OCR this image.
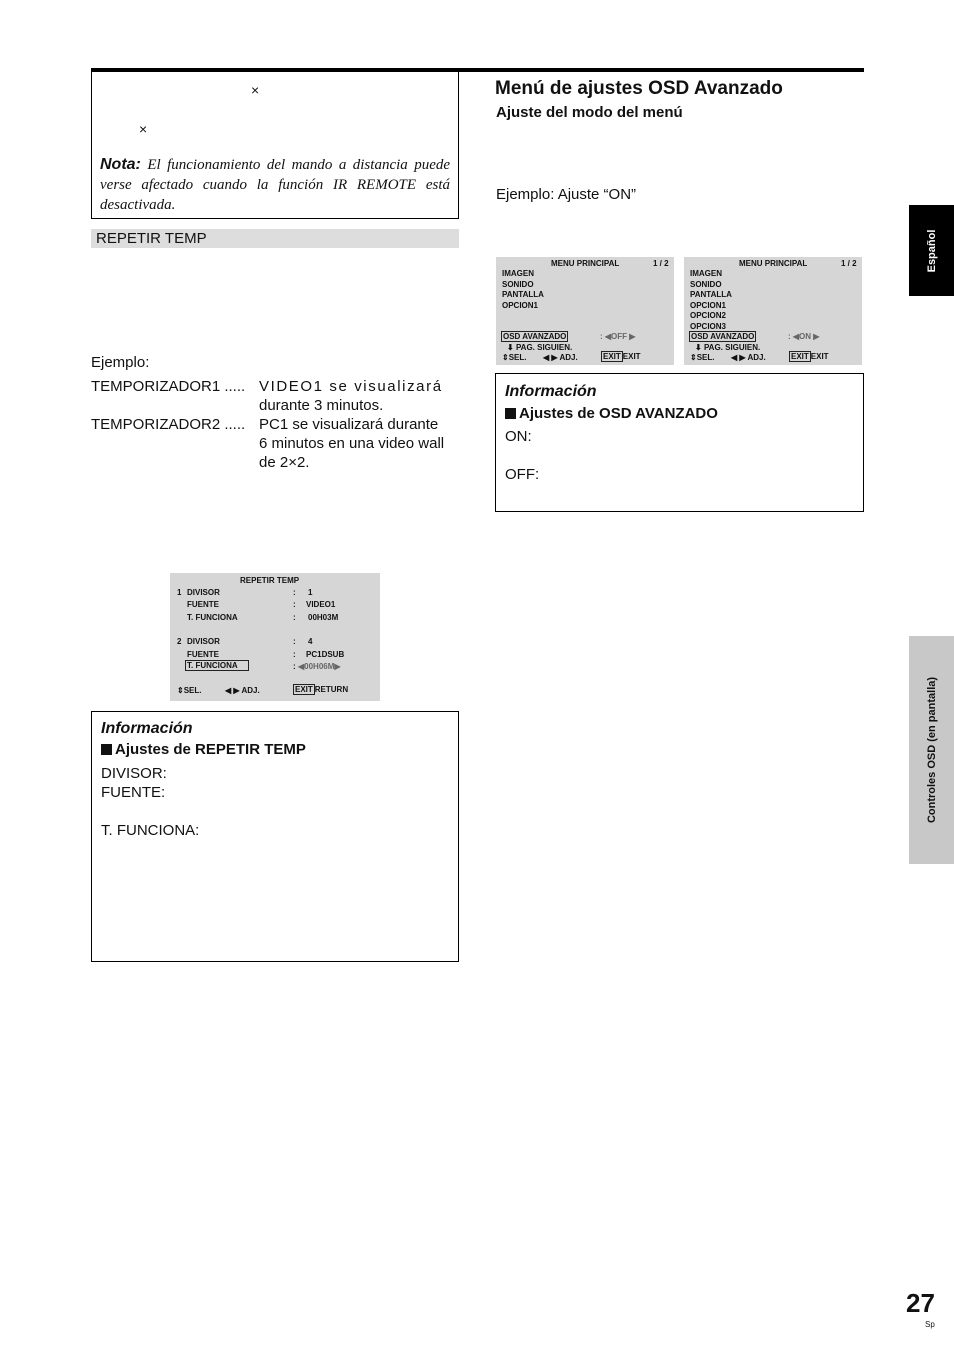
×
×
Nota: El funcionamiento del mando a distancia puede verse afectado cuando la función IR REMOTE está desactivada.
REPETIR TEMP
Ejemplo:
TEMPORIZADOR1 ..... VIDEO1 se visualizará
durante 3 minutos.
TEMPORIZADOR2 ..... PC1 se visualizará durante
6 minutos en una video wall
de 2×2.
REPETIR TEMP
1 DIVISOR	: 1
FUENTE	: VIDEO1
T. FUNCIONA	: 00H03M
2 DIVISOR	: 4
FUENTE	: PC1DSUB
T. FUNCIONA	: ◀00H06M▶
⇕SEL.	◀ ▶ ADJ.	EXIT RETURN
Información
Ajustes de REPETIR TEMP
DIVISOR:
FUENTE:
T. FUNCIONA:
Menú de ajustes OSD Avanzado
Ajuste del modo del menú
Ejemplo: Ajuste “ON”
MENU PRINCIPAL	1 / 2
IMAGEN
SONIDO
PANTALLA
OPCION1
OSD AVANZADO	: ◀OFF ▶
⬇ PAG. SIGUIEN.
⇕SEL. ◀ ▶ ADJ.	EXIT EXIT
MENU PRINCIPAL	1 / 2
IMAGEN
SONIDO
PANTALLA
OPCION1
OPCION2
OPCION3
OSD AVANZADO	: ◀ON ▶
⬇ PAG. SIGUIEN.
⇕SEL. ◀ ▶ ADJ.	EXIT EXIT
Información
Ajustes de OSD AVANZADO
ON:
OFF:
Español
Controles OSD (en pantalla)
27
Sp
